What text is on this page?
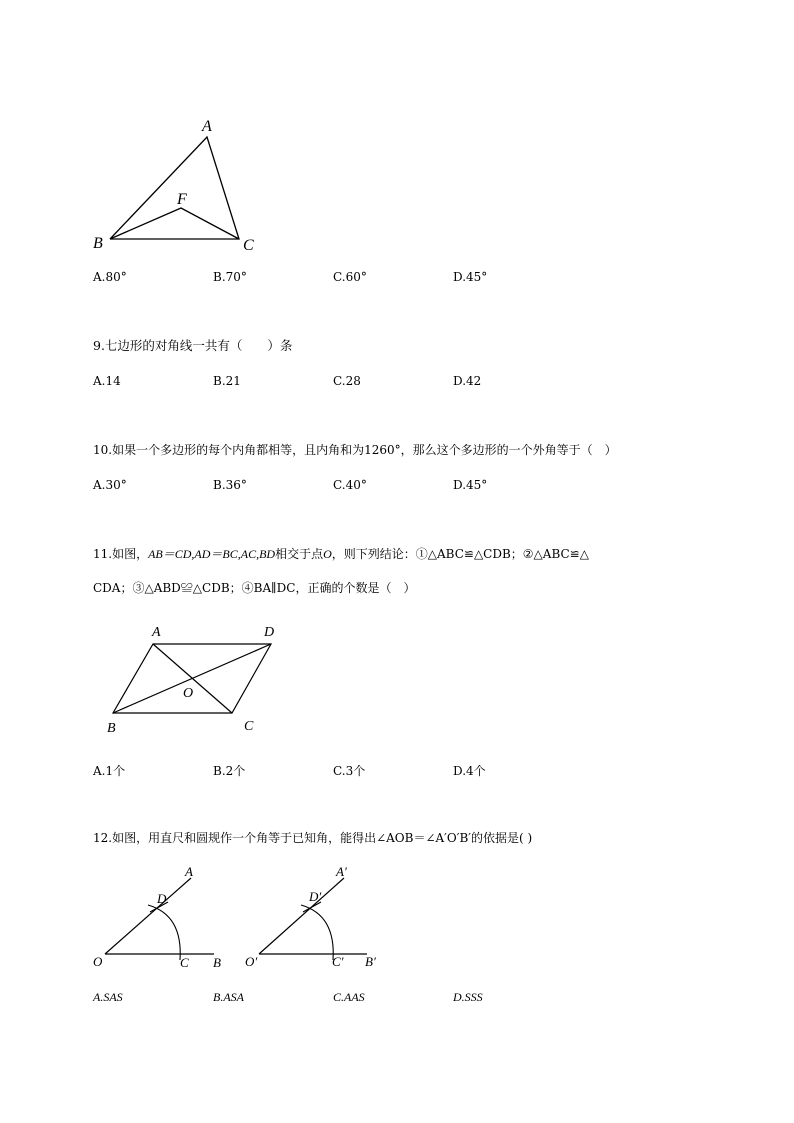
A
F
B	C
A.80°	B.70°	C.60°	D.45°
9.七边形的对角线一共有（　　）条
A.14	B.21	C.28	D.42
10.如果一个多边形的每个内角都相等，且内角和为1260°，那么这个多边形的一个外角等于（　）
A.30°	B.36°	C.40°	D.45°
11.如图，AB＝CD,AD＝BC,AC,BD相交于点O，则下列结论：①△ABC≌△CDB；②△ABC≌△
CDA；③△ABD≌△CDB；④BA∥DC，正确的个数是（　）
A	D
O
B	C
A.1个	B.2个	C.3个	D.4个
12.如图，用直尺和圆规作一个角等于已知角，能得出∠AOB＝∠A′O′B′的依据是( )
A
D
O	C B
A′
D′
O′	C′ B′
A.SAS	B.ASA	C.AAS	D.SSS
